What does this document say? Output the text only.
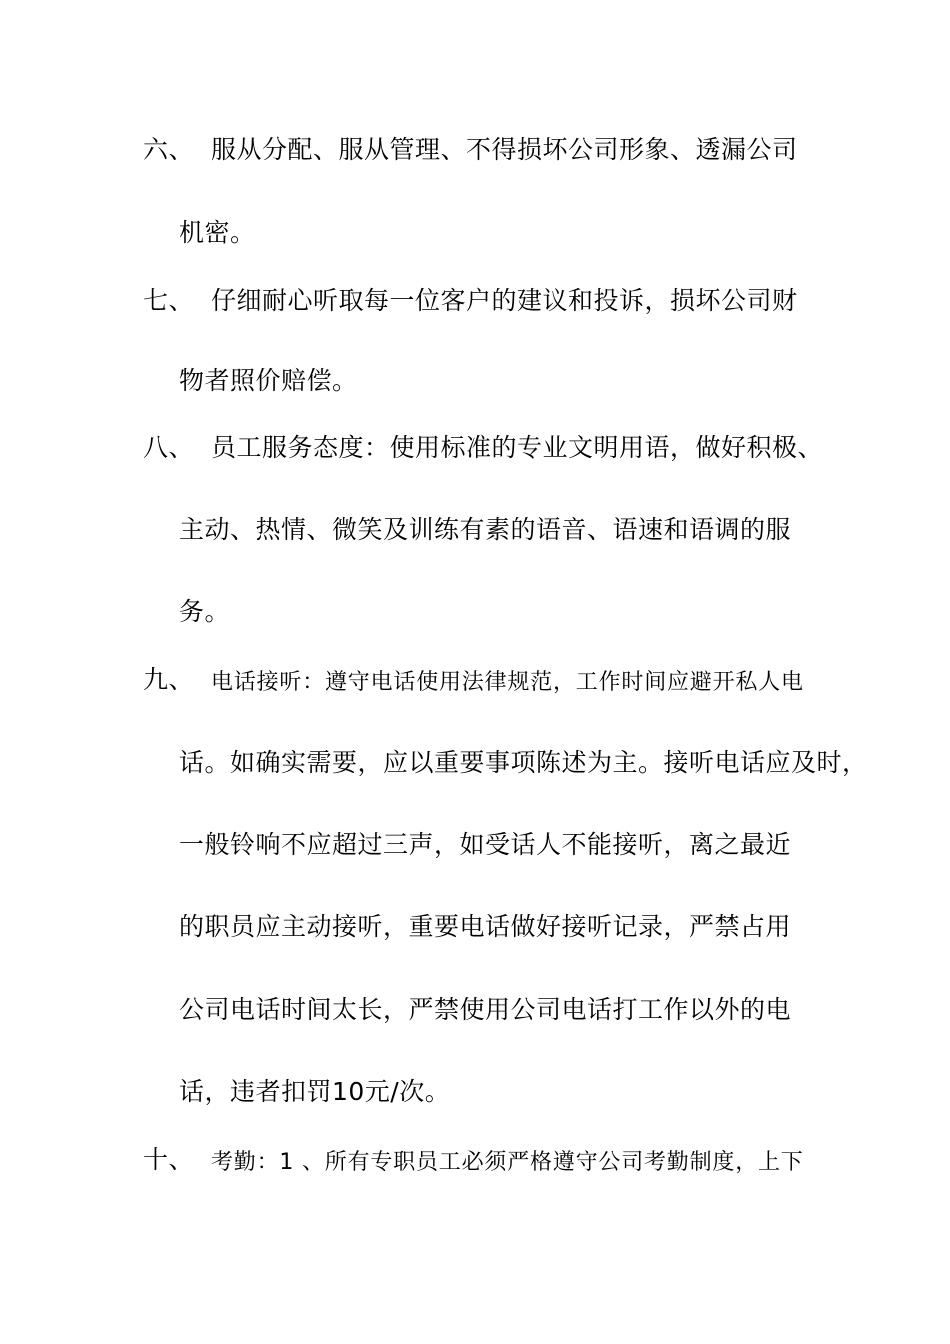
六、 服从分配、服从管理、不得损坏公司形象、透漏公司
机密。
七、 仔细耐心听取每一位客户的建议和投诉，损坏公司财
物者照价赔偿。
八、 员工服务态度：使用标准的专业文明用语，做好积极、
主动、热情、微笑及训练有素的语音、语速和语调的服
务。
九、 电话接听：遵守电话使用法律规范，工作时间应避开私人电
话。如确实需要，应以重要事项陈述为主。接听电话应及时，
一般铃响不应超过三声，如受话人不能接听，离之最近
的职员应主动接听，重要电话做好接听记录，严禁占用
公司电话时间太长，严禁使用公司电话打工作以外的电
话，违者扣罚10元/次。
十、 考勤：1 、所有专职员工必须严格遵守公司考勤制度，上下
